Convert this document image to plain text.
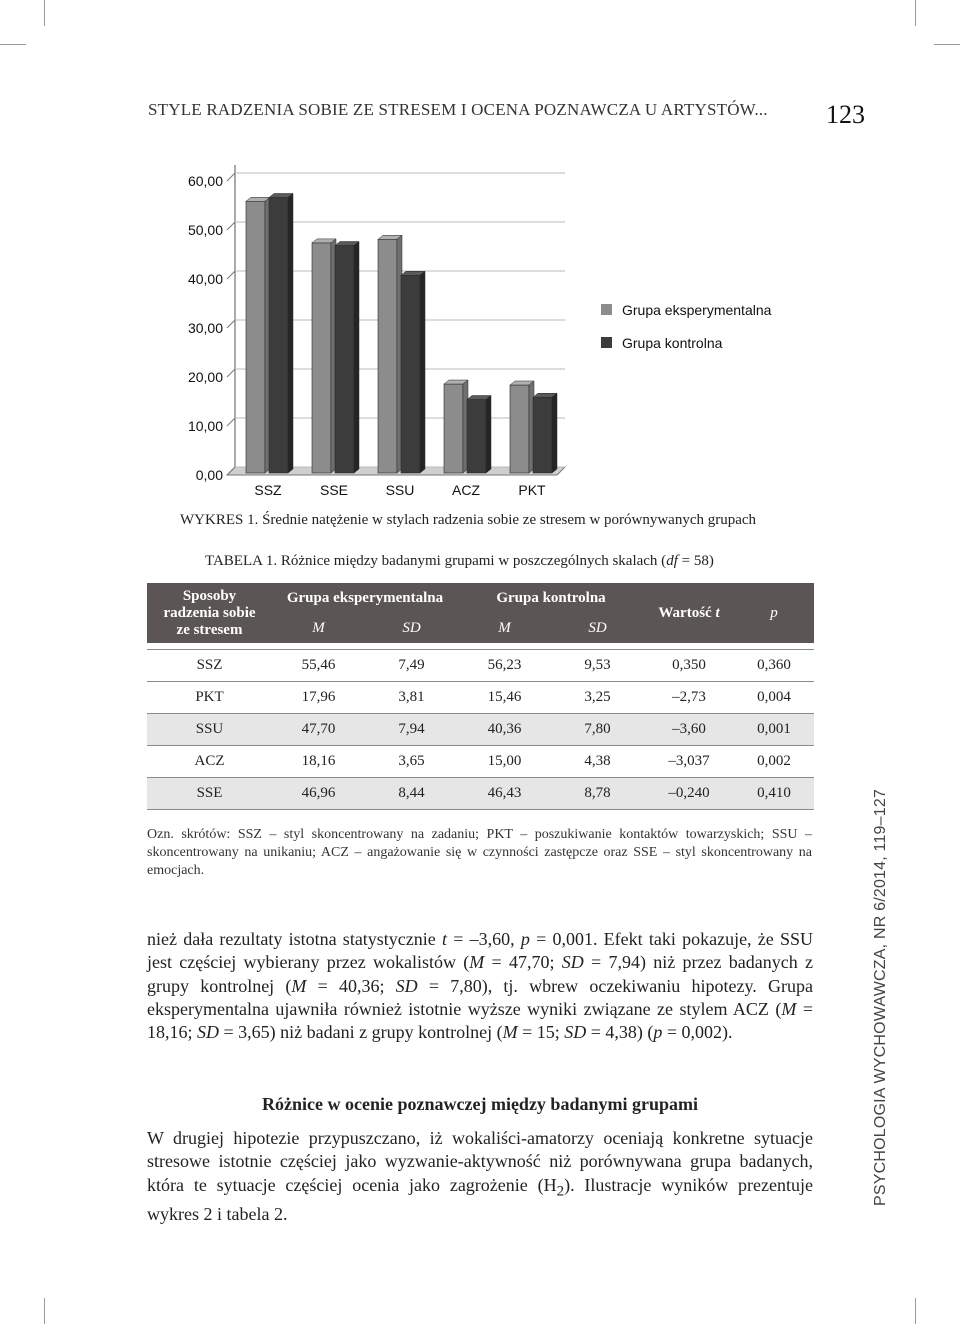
STYLE RADZENIA SOBIE ZE STRESEM I OCENA POZNAWCZA U ARTYSTÓW... 123
0,00
10,00
20,00
30,00
40,00
50,00
60,00
SSZ	SSE	SSU	ACZ	PKT
Grupa eksperymentalna
Grupa kontrolna
WYKRES 1. Średnie natężenie w stylach radzenia sobie ze stresem w porównywanych grupach
TABELA 1. Różnice między badanymi grupami w poszczególnych skalach (df = 58)
Sposoby
radzenia sobie
ze stresem	Grupa eksperymentalna		Grupa kontrolna		Wartość t	p
	M	SD	M	SD		

SSZ	55,46	7,49	56,23	9,53	0,350	0,360
PKT	17,96	3,81	15,46	3,25	–2,73	0,004
SSU	47,70	7,94	40,36	7,80	–3,60	0,001
ACZ	18,16	3,65	15,00	4,38	–3,037	0,002
SSE	46,96	8,44	46,43	8,78	–0,240	0,410
Ozn. skrótów: SSZ – styl skoncentrowany na zadaniu; PKT – poszukiwanie kontaktów towarzyskich; SSU – skoncentrowany na unikaniu; ACZ – angażowanie się w czynności zastępcze oraz SSE – styl skoncentrowany na emocjach.
nież dała rezultaty istotna statystycznie t = –3,60, p = 0,001. Efekt taki pokazuje, że SSU jest częściej wybierany przez wokalistów (M = 47,70; SD = 7,94) niż przez badanych z grupy kontrolnej (M = 40,36; SD = 7,80), tj. wbrew oczekiwaniu hipotezy. Grupa eksperymentalna ujawniła również istotnie wyższe wyniki związane ze stylem ACZ (M = 18,16; SD = 3,65) niż badani z grupy kontrolnej (M = 15; SD = 4,38) (p = 0,002).
Różnice w ocenie poznawczej między badanymi grupami
W drugiej hipotezie przypuszczano, iż wokaliści-amatorzy oceniają konkretne sytuacje stresowe istotnie częściej jako wyzwanie-aktywność niż porównywana grupa badanych, która te sytuacje częściej ocenia jako zagrożenie $(H_2)$. Ilustracje wyników prezentuje wykres 2 i tabela 2.
PSYCHOLOGIA WYCHOWAWCZA, NR 6/2014, 119–127
